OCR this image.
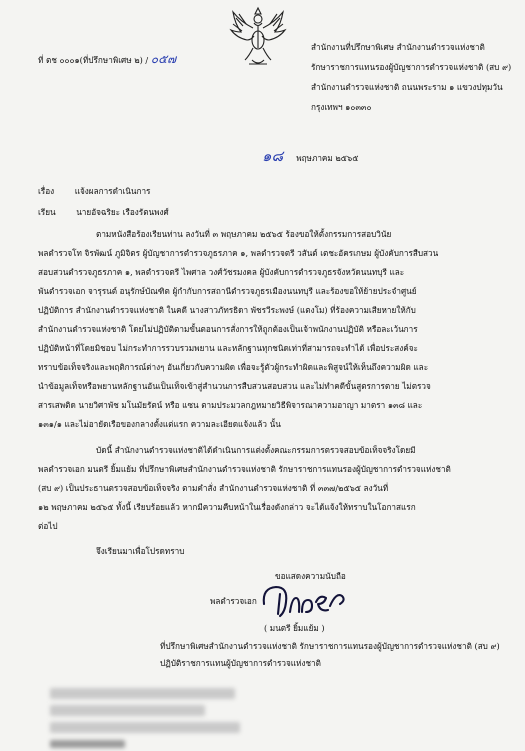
ที่ ตช ๐๐๐๑(ที่ปรึกษาพิเศษ ๒) / ๐๕๗
สำนักงานที่ปรึกษาพิเศษ สำนักงานตำรวจแห่งชาติ
รักษาราชการแทนรองผู้บัญชาการตำรวจแห่งชาติ (สบ ๙)
สำนักงานตำรวจแห่งชาติ ถนนพระราม ๑ แขวงปทุมวัน
กรุงเทพฯ ๑๐๓๓๐
๑๘ พฤษภาคม ๒๕๖๕
เรื่อง	แจ้งผลการดำเนินการ
เรียน	นายอัจฉริยะ เรืองรัตนพงศ์
ตามหนังสือร้องเรียนท่าน ลงวันที่ ๓ พฤษภาคม ๒๕๖๕ ร้องขอให้ตั้งกรรมการสอบวินัย
พลตำรวจโท จิรพัฒน์ ภูมิจิตร ผู้บัญชาการตำรวจภูธรภาค ๑, พลตำรวจตรี วสันต์ เตชะอัครเกษม ผู้บังคับการสืบสวน
สอบสวนตำรวจภูธรภาค ๑, พลตำรวจตรี ไพศาล วงศ์วัชรมงคล ผู้บังคับการตำรวจภูธรจังหวัดนนทบุรี และ
พันตำรวจเอก จารุรนต์ อนุรักษ์บัณฑิต ผู้กำกับการสถานีตำรวจภูธรเมืองนนทบุรี และร้องขอให้ย้ายประจำศูนย์
ปฏิบัติการ สำนักงานตำรวจแห่งชาติ ในคดี นางสาวภัทรธิดา พัชรวีระพงษ์ (แตงโม) ที่ร้องความเสียหายให้กับ
สำนักงานตำรวจแห่งชาติ โดยไม่ปฏิบัติตามขั้นตอนการสั่งการให้ถูกต้องเป็นเจ้าพนักงานปฏิบัติ หรือละเว้นการ
ปฏิบัติหน้าที่โดยมิชอบ ไม่กระทำการรวบรวมพยาน และหลักฐานทุกชนิดเท่าที่สามารถจะทำได้ เพื่อประสงค์จะ
ทราบข้อเท็จจริงและพฤติการณ์ต่างๆ อันเกี่ยวกับความผิด เพื่อจะรู้ตัวผู้กระทำผิดและพิสูจน์ให้เห็นถึงความผิด และ
นำข้อมูลเท็จหรือพยานหลักฐานอันเป็นเท็จเข้าสู่สำนวนการสืบสวนสอบสวน และไม่ทำคดีขั้นสูตรการตาย ไม่ตรวจ
สารเสพติด นายวิศาพัช มโนมัยรัตน์ หรือ แซน ตามประมวลกฎหมายวิธีพิจารณาความอาญา มาตรา ๑๓๘ และ
๑๓๑/๑ และไม่อายัดเรือของกลางตั้งแต่แรก ความละเอียดแจ้งแล้ว นั้น
บัดนี้ สำนักงานตำรวจแห่งชาติได้ดำเนินการแต่งตั้งคณะกรรมการตรวจสอบข้อเท็จจริงโดยมี
พลตำรวจเอก มนตรี ยิ้มแย้ม ที่ปรึกษาพิเศษสำนักงานตำรวจแห่งชาติ รักษาราชการแทนรองผู้บัญชาการตำรวจแห่งชาติ
(สบ ๙) เป็นประธานตรวจสอบข้อเท็จจริง ตามคำสั่ง สำนักงานตำรวจแห่งชาติ ที่ ๓๓๗/๒๕๖๕ ลงวันที่
๑๒ พฤษภาคม ๒๕๖๕ ทั้งนี้ เรียบร้อยแล้ว หากมีความคืบหน้าในเรื่องดังกล่าว จะได้แจ้งให้ทราบในโอกาสแรก
ต่อไป
จึงเรียนมาเพื่อโปรดทราบ
ขอแสดงความนับถือ
พลตำรวจเอก
( มนตรี ยิ้มแย้ม )
ที่ปรึกษาพิเศษสำนักงานตำรวจแห่งชาติ รักษาราชการแทนรองผู้บัญชาการตำรวจแห่งชาติ (สบ ๙)
ปฏิบัติราชการแทนผู้บัญชาการตำรวจแห่งชาติ
